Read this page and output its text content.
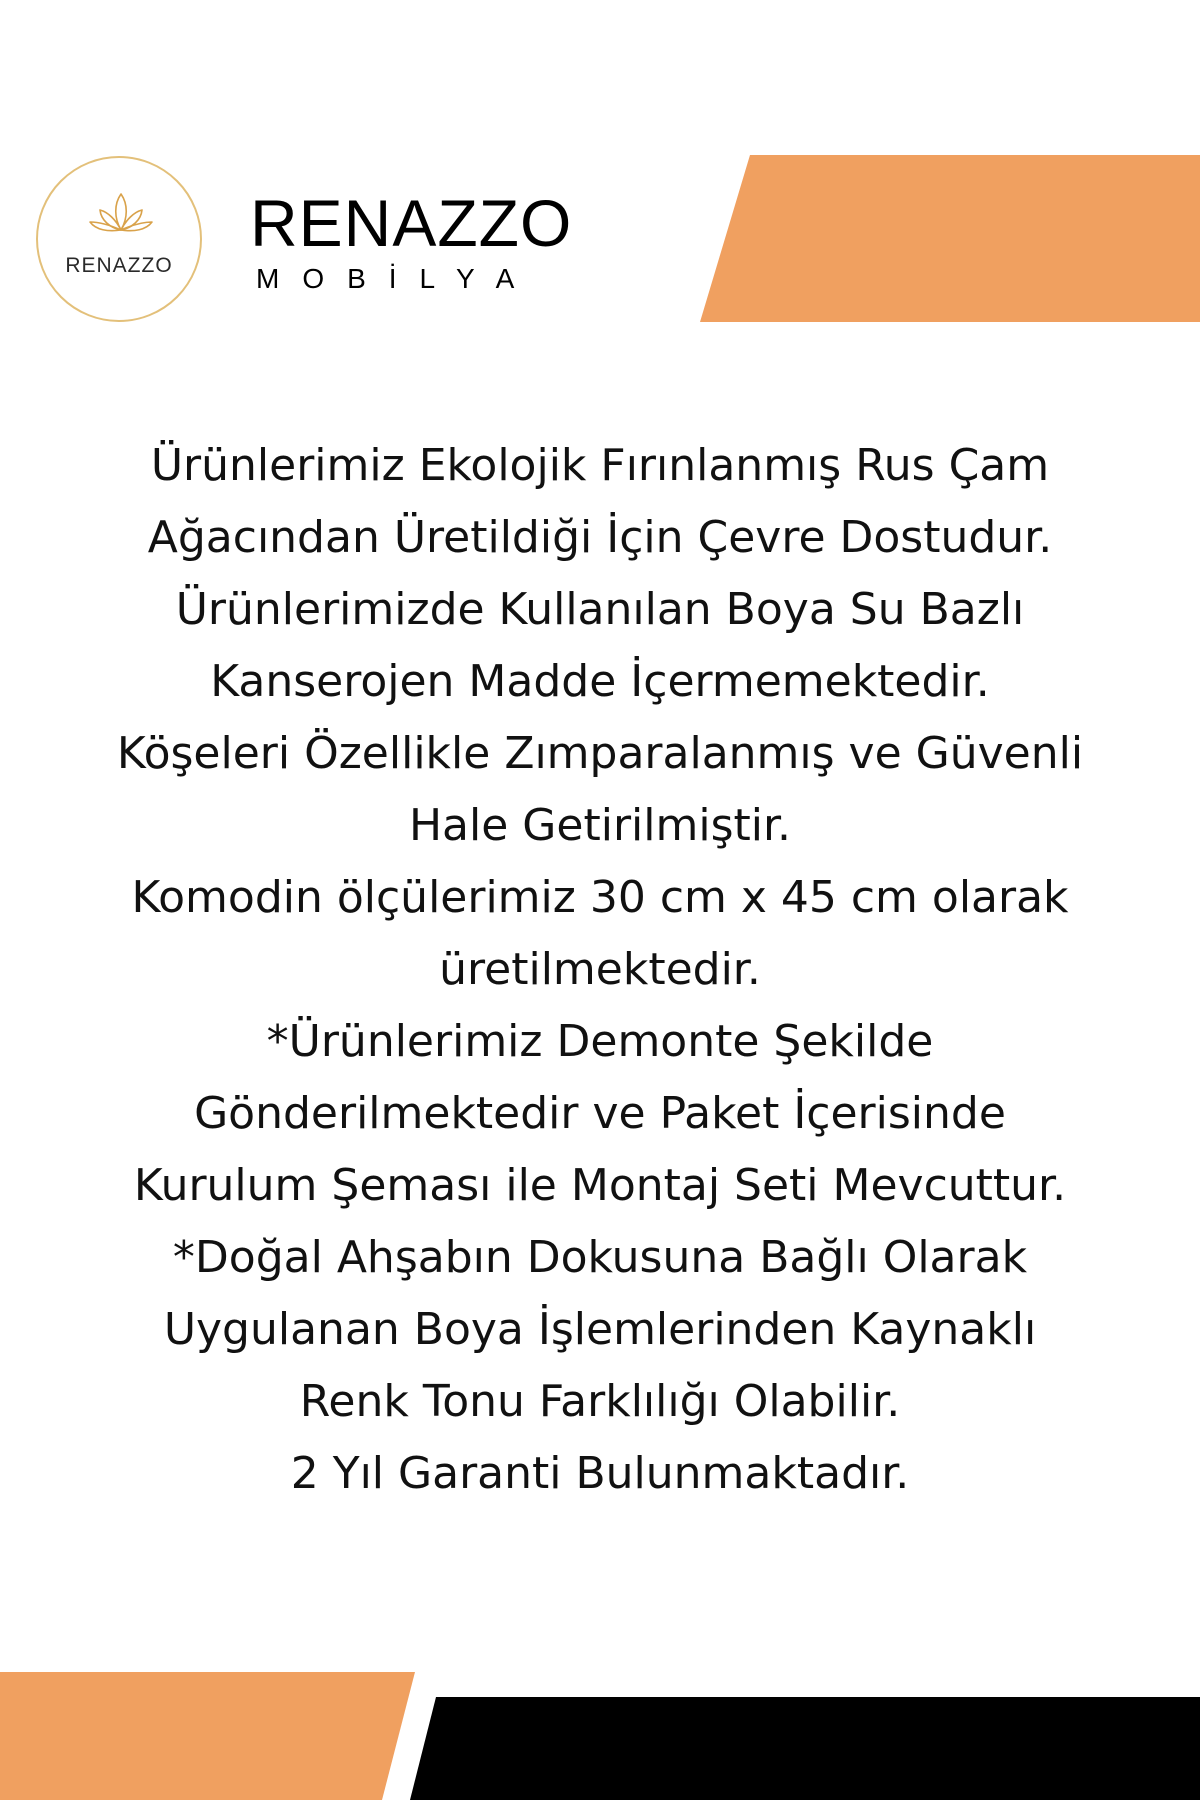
RENAZZO
RENAZZO
MOBİLYA
Ürünlerimiz Ekolojik Fırınlanmış Rus Çam
Ağacından Üretildiği İçin Çevre Dostudur.
Ürünlerimizde Kullanılan Boya Su Bazlı
Kanserojen Madde İçermemektedir.
Köşeleri Özellikle Zımparalanmış ve Güvenli
Hale Getirilmiştir.
Komodin ölçülerimiz 30 cm x 45 cm olarak
üretilmektedir.
*Ürünlerimiz Demonte Şekilde
Gönderilmektedir ve Paket İçerisinde
Kurulum Şeması ile Montaj Seti Mevcuttur.
*Doğal Ahşabın Dokusuna Bağlı Olarak
Uygulanan Boya İşlemlerinden Kaynaklı
Renk Tonu Farklılığı Olabilir.
2 Yıl Garanti Bulunmaktadır.
